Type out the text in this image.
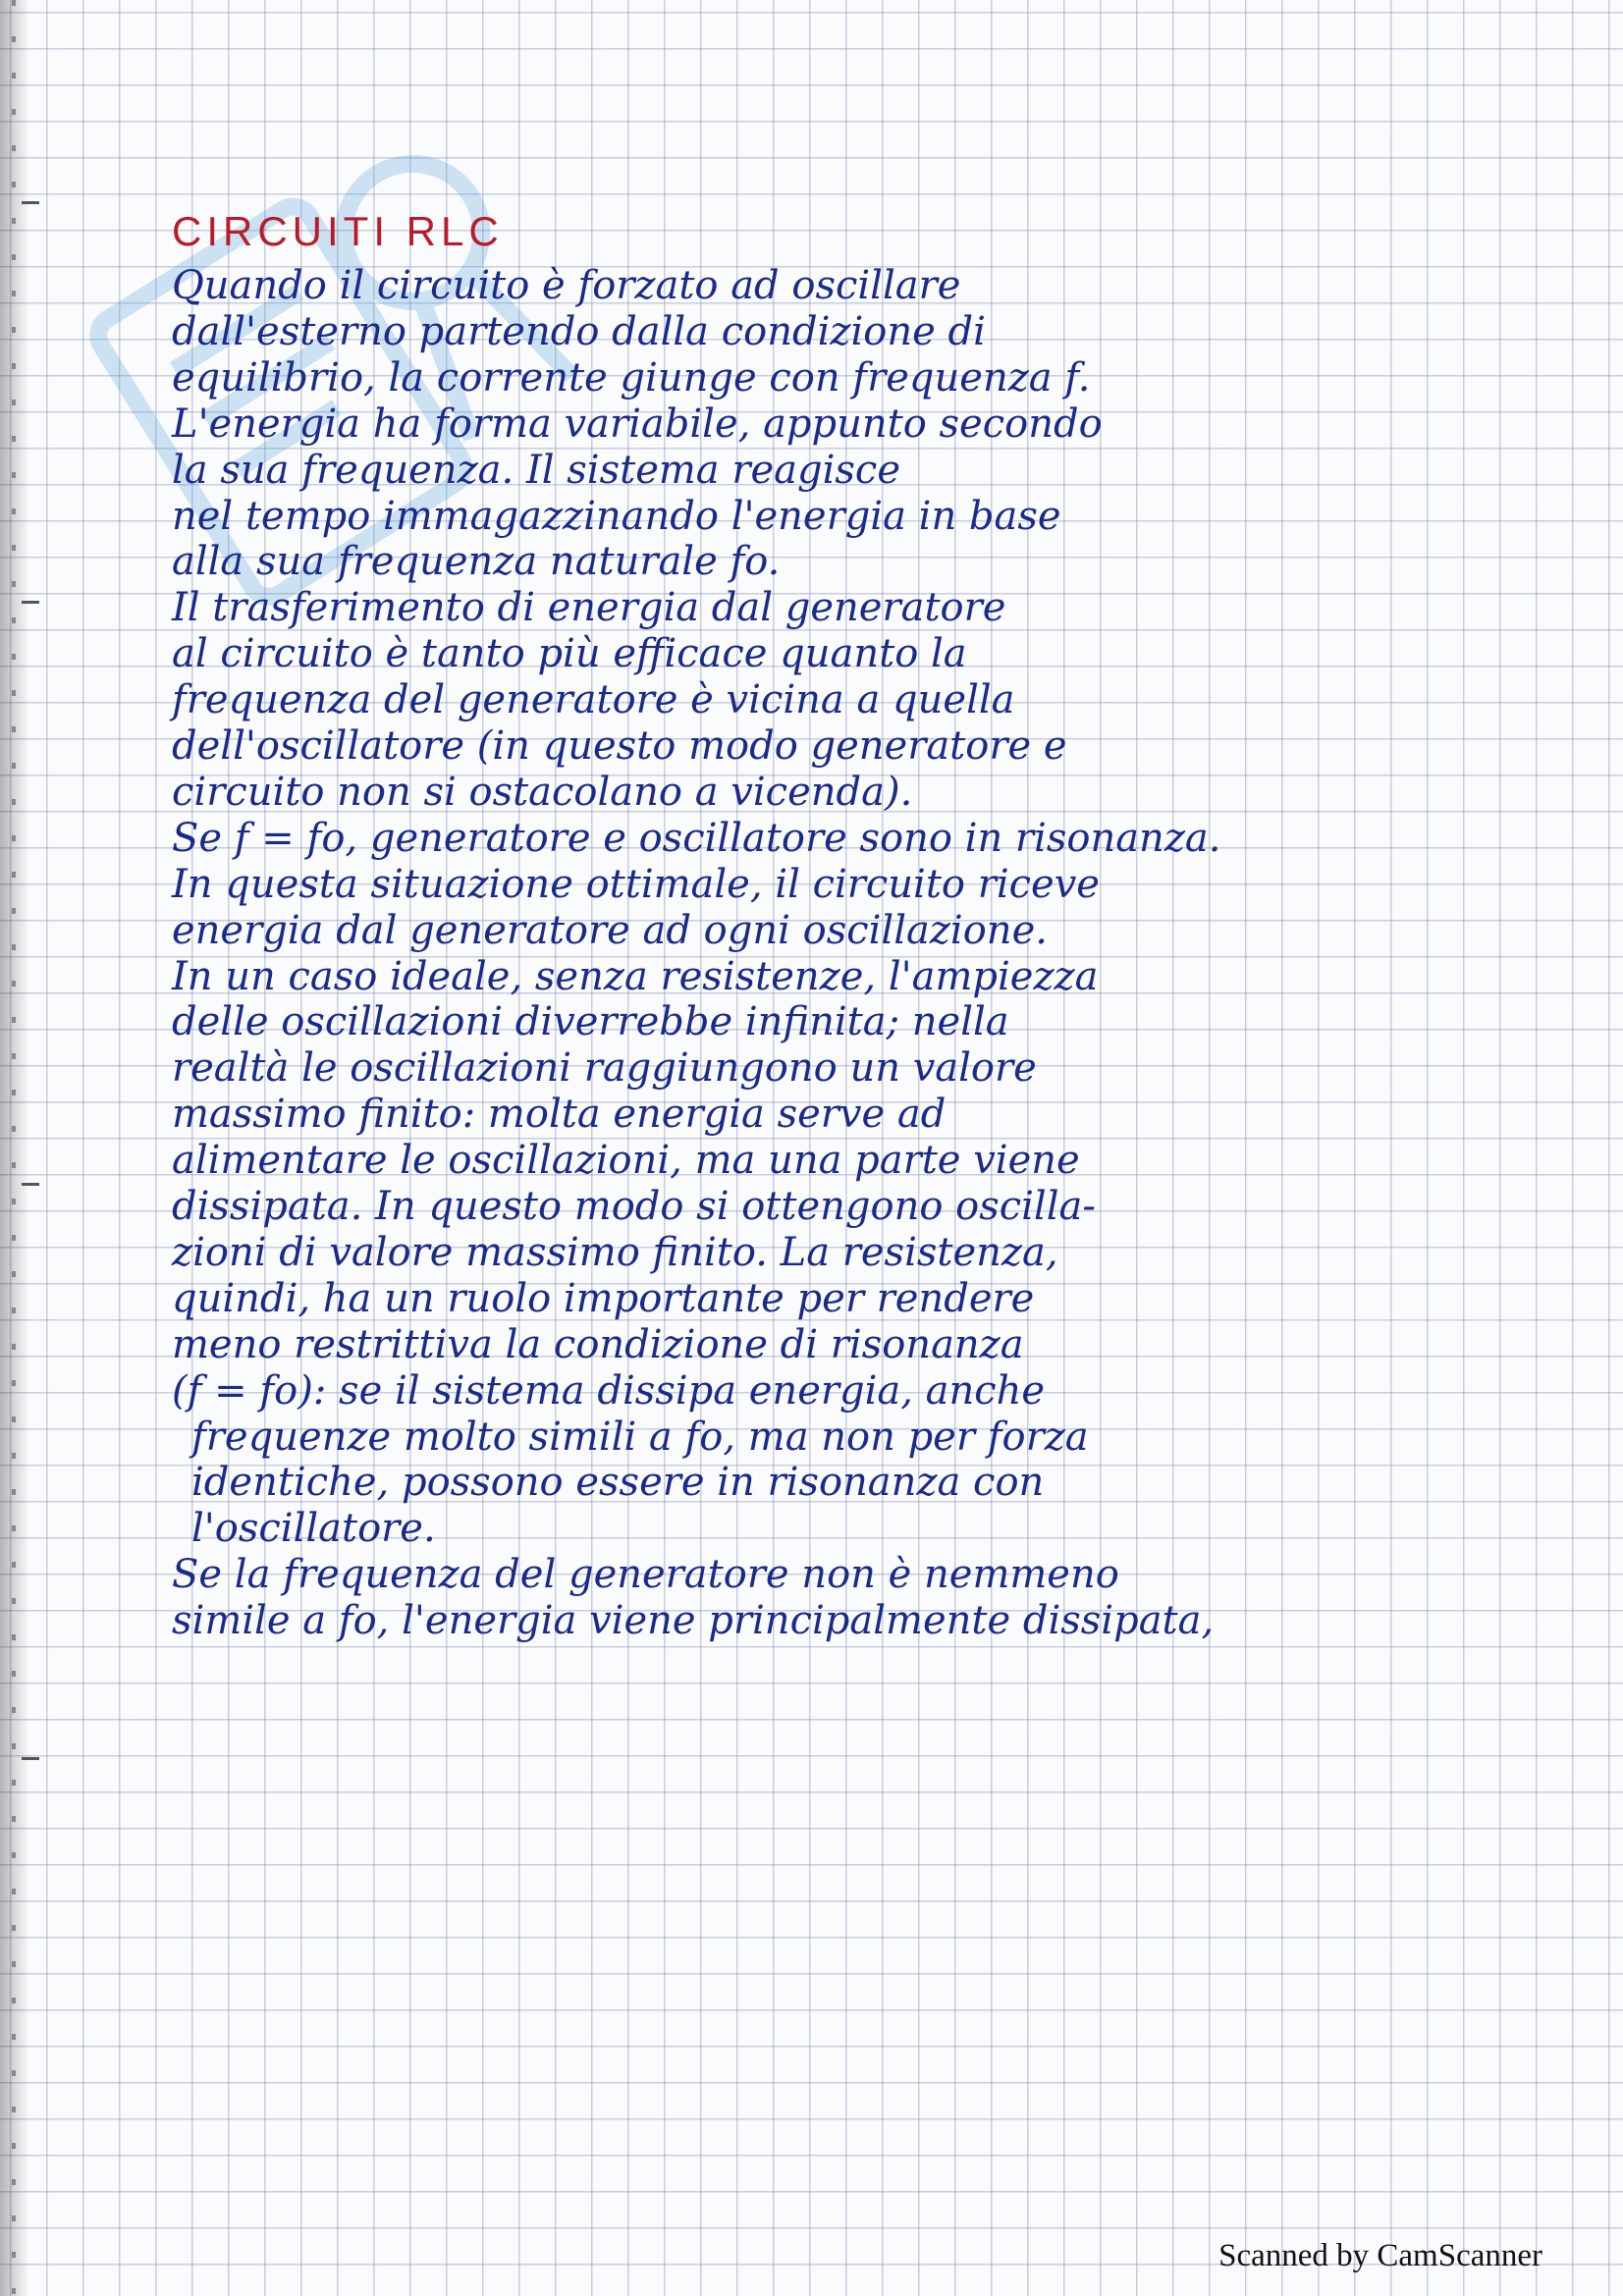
CIRCUITI RLC
Quando il circuito è forzato ad oscillare
dall'esterno partendo dalla condizione di
equilibrio, la corrente giunge con frequenza f.
L'energia ha forma variabile, appunto secondo
la sua frequenza. Il sistema reagisce
nel tempo immagazzinando l'energia in base
alla sua frequenza naturale fo.
Il trasferimento di energia dal generatore
al circuito è tanto più efficace quanto la
frequenza del generatore è vicina a quella
dell'oscillatore (in questo modo generatore e
circuito non si ostacolano a vicenda).
Se f = fo, generatore e oscillatore sono in risonanza.
In questa situazione ottimale, il circuito riceve
energia dal generatore ad ogni oscillazione.
In un caso ideale, senza resistenze, l'ampiezza
delle oscillazioni diverrebbe infinita; nella
realtà le oscillazioni raggiungono un valore
massimo finito: molta energia serve ad
alimentare le oscillazioni, ma una parte viene
dissipata. In questo modo si ottengono oscilla-
zioni di valore massimo finito. La resistenza,
quindi, ha un ruolo importante per rendere
meno restrittiva la condizione di risonanza
(f = fo): se il sistema dissipa energia, anche
frequenze molto simili a fo, ma non per forza
identiche, possono essere in risonanza con
l'oscillatore.
Se la frequenza del generatore non è nemmeno
simile a fo, l'energia viene principalmente dissipata,
Scanned by CamScanner
